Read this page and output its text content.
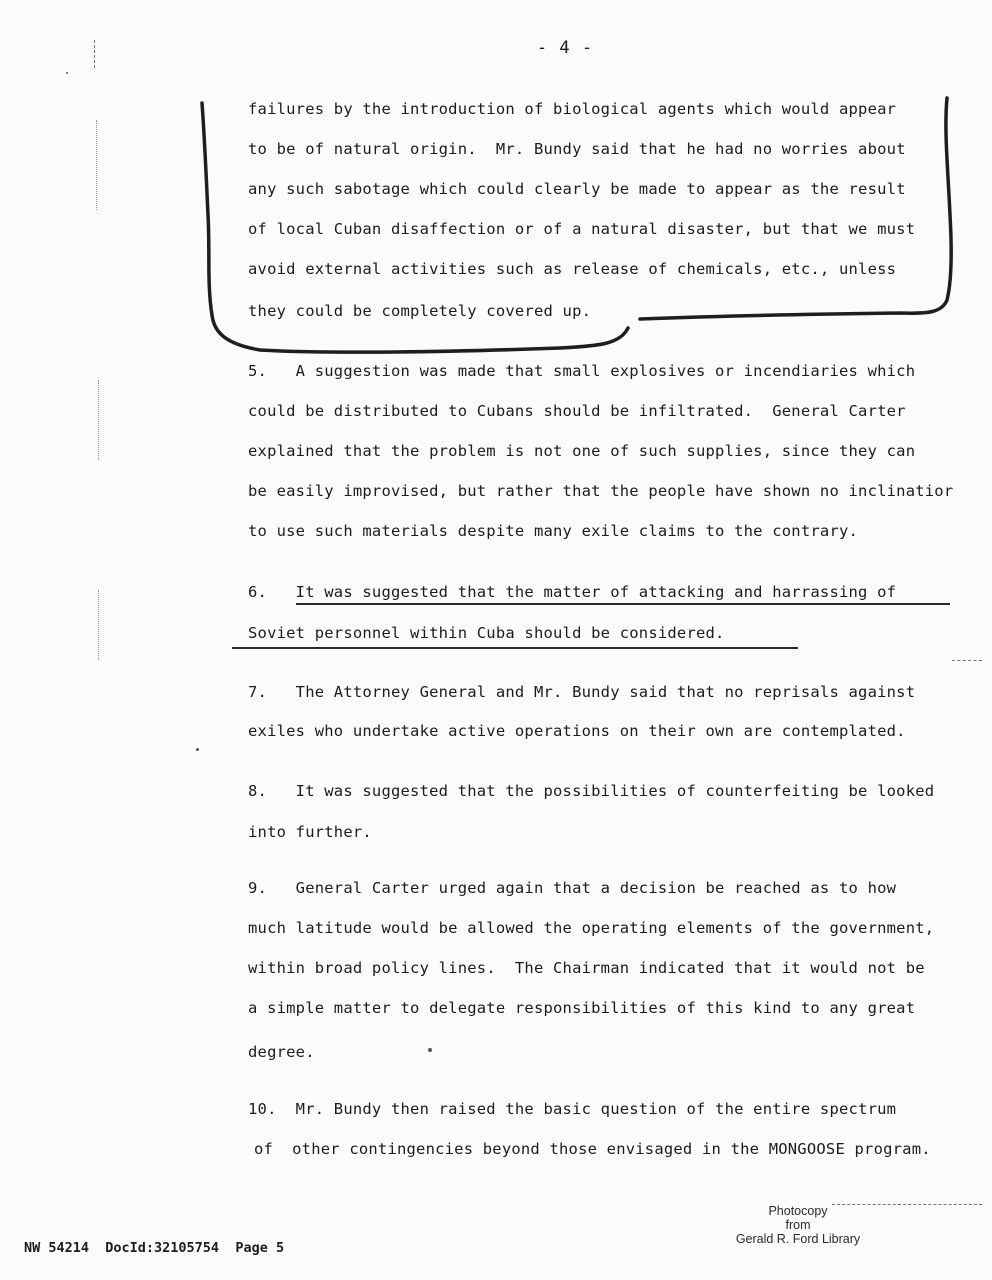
- 4 -
failures by the introduction of biological agents which would appear
to be of natural origin.  Mr. Bundy said that he had no worries about
any such sabotage which could clearly be made to appear as the result
of local Cuban disaffection or of a natural disaster, but that we must
avoid external activities such as release of chemicals, etc., unless
they could be completely covered up.
5.   A suggestion was made that small explosives or incendiaries which
could be distributed to Cubans should be infiltrated.  General Carter
explained that the problem is not one of such supplies, since they can
be easily improvised, but rather that the people have shown no inclinatior
to use such materials despite many exile claims to the contrary.
6.   It was suggested that the matter of attacking and harrassing of
Soviet personnel within Cuba should be considered.
7.   The Attorney General and Mr. Bundy said that no reprisals against
exiles who undertake active operations on their own are contemplated.
8.   It was suggested that the possibilities of counterfeiting be looked
into further.
9.   General Carter urged again that a decision be reached as to how
much latitude would be allowed the operating elements of the government,
within broad policy lines.  The Chairman indicated that it would not be
a simple matter to delegate responsibilities of this kind to any great
degree.
10.  Mr. Bundy then raised the basic question of the entire spectrum
of  other contingencies beyond those envisaged in the MONGOOSE program.
NW 54214  DocId:32105754  Page 5
Photocopy
from
Gerald R. Ford Library
